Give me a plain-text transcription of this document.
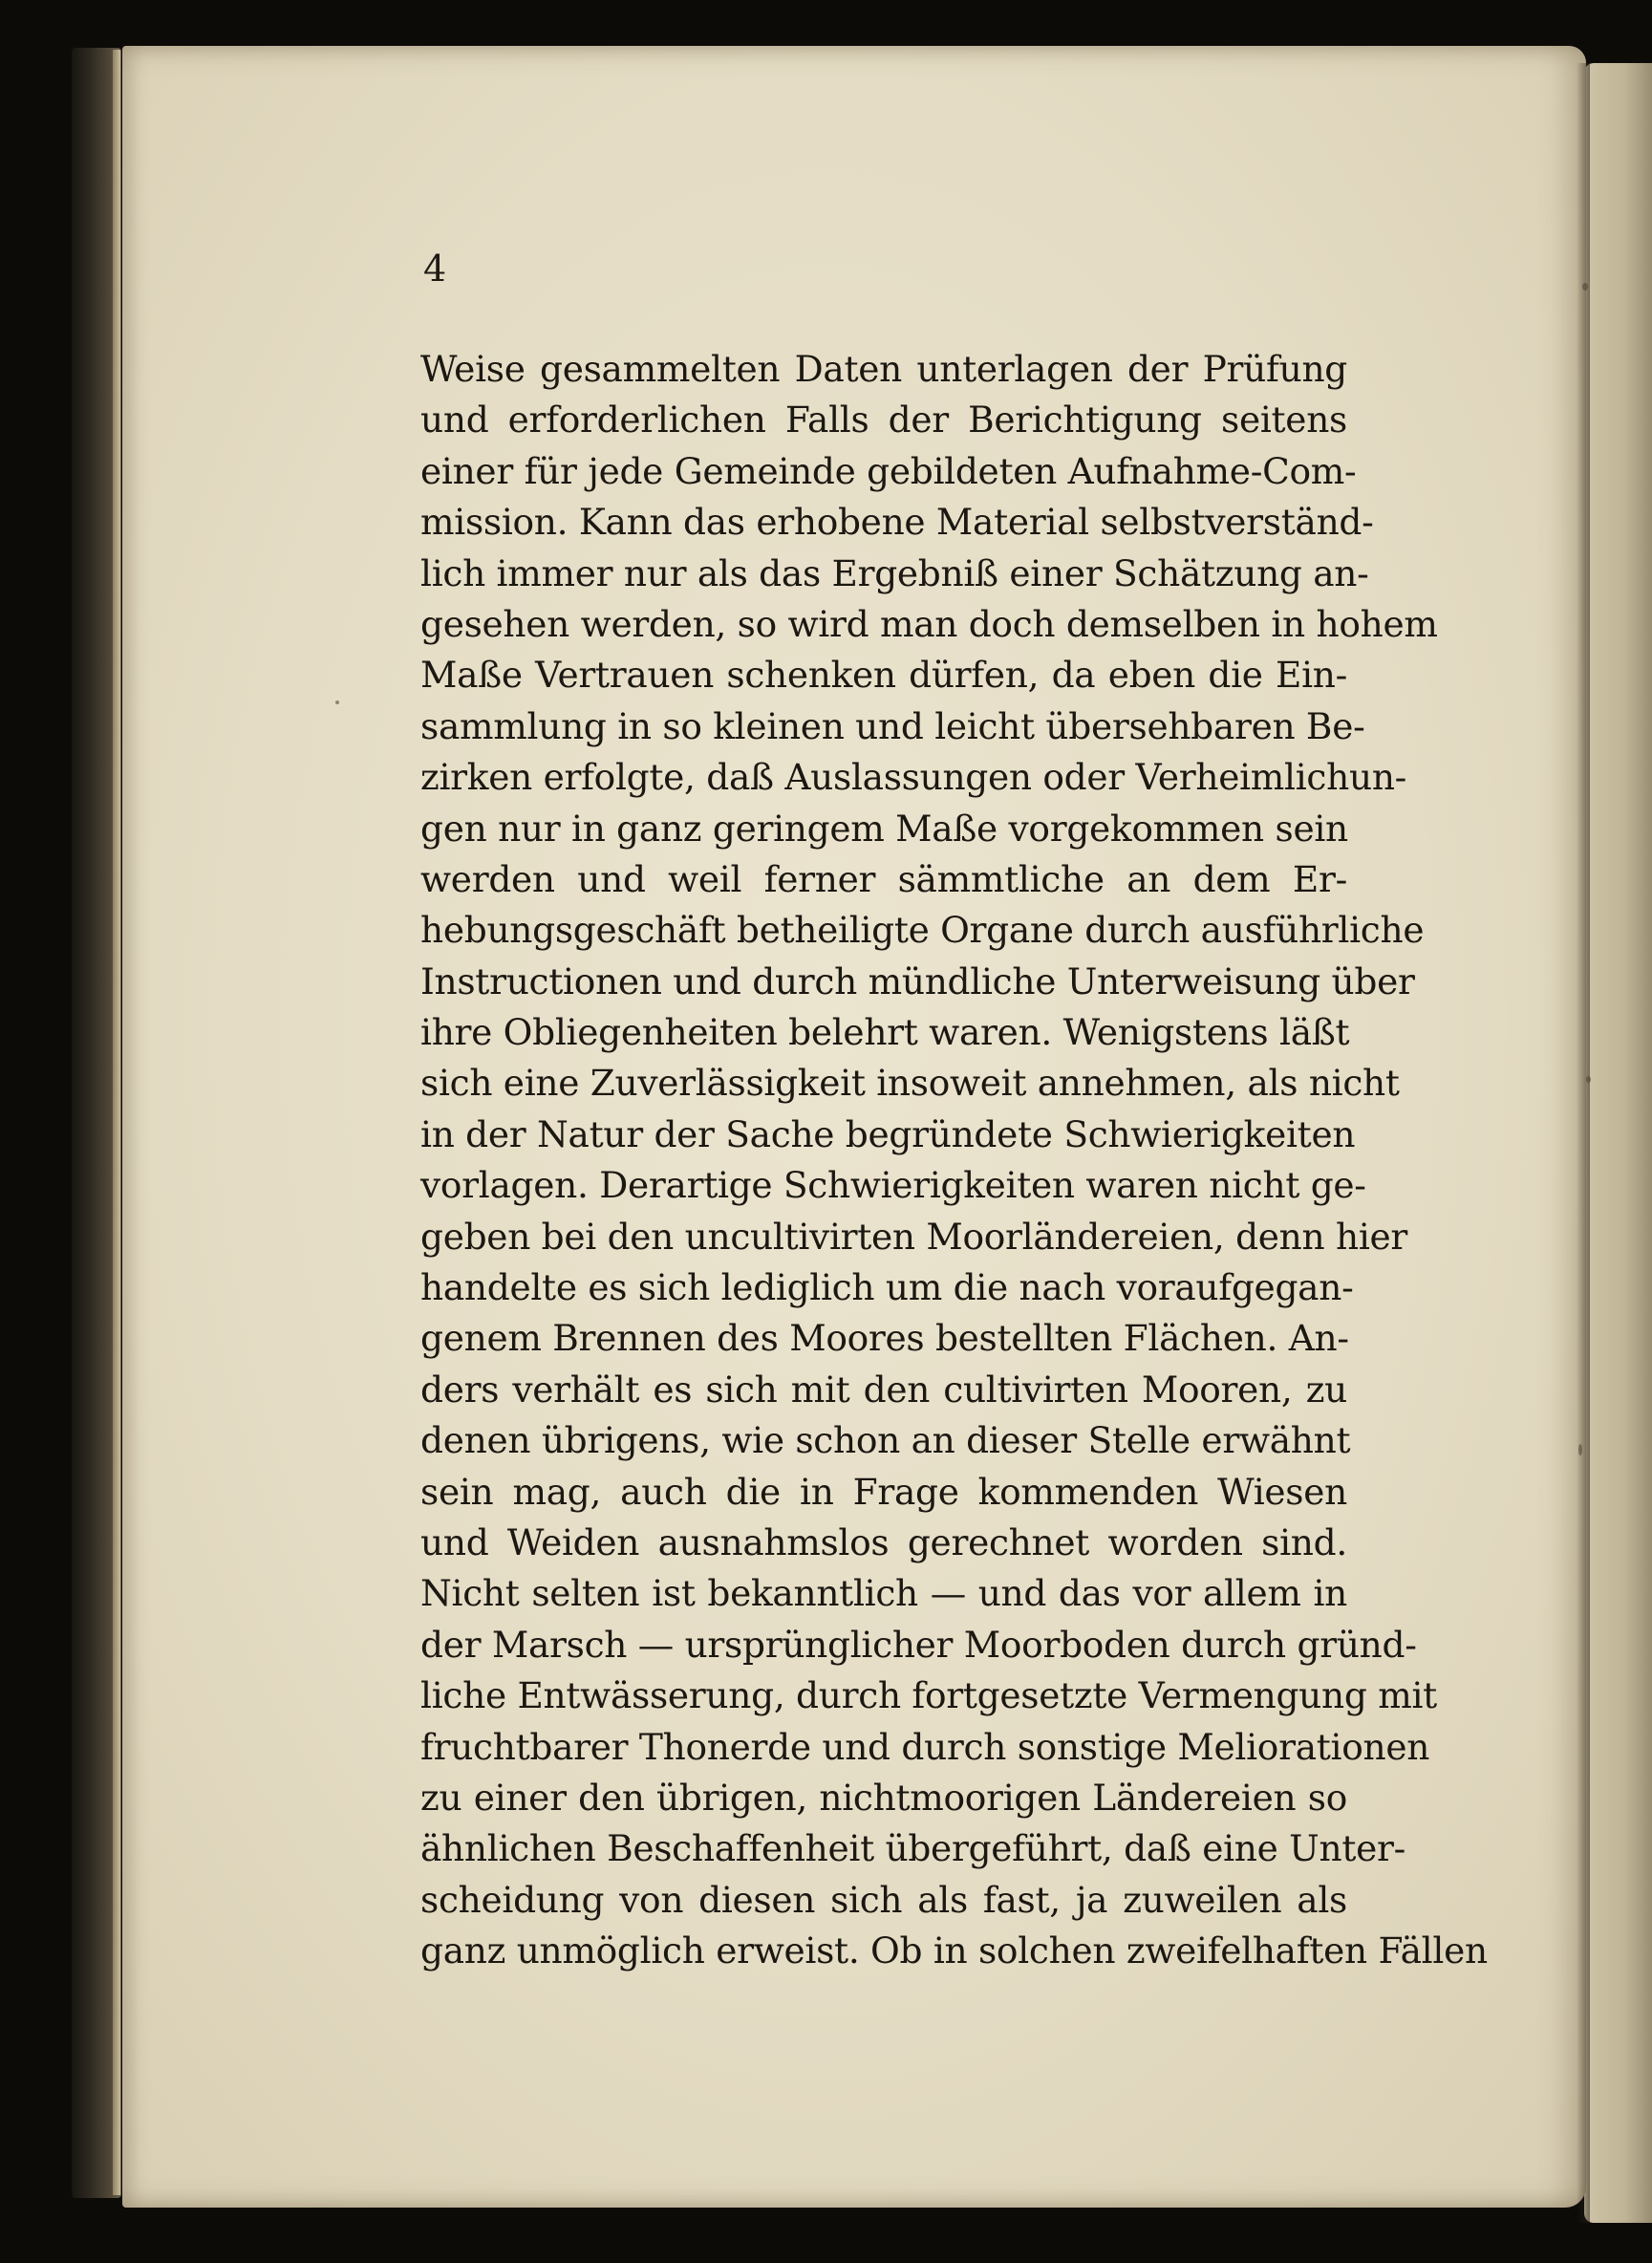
4
Weise gesammelten Daten unterlagen der Prüfung
und erforderlichen Falls der Berichtigung seitens
einer für jede Gemeinde gebildeten Aufnahme-Com-
mission. Kann das erhobene Material selbstverständ-
lich immer nur als das Ergebniß einer Schätzung an-
gesehen werden, so wird man doch demselben in hohem
Maße Vertrauen schenken dürfen, da eben die Ein-
sammlung in so kleinen und leicht übersehbaren Be-
zirken erfolgte, daß Auslassungen oder Verheimlichun-
gen nur in ganz geringem Maße vorgekommen sein
werden und weil ferner sämmtliche an dem Er-
hebungsgeschäft betheiligte Organe durch ausführliche
Instructionen und durch mündliche Unterweisung über
ihre Obliegenheiten belehrt waren. Wenigstens läßt
sich eine Zuverlässigkeit insoweit annehmen, als nicht
in der Natur der Sache begründete Schwierigkeiten
vorlagen. Derartige Schwierigkeiten waren nicht ge-
geben bei den uncultivirten Moorländereien, denn hier
handelte es sich lediglich um die nach voraufgegan-
genem Brennen des Moores bestellten Flächen. An-
ders verhält es sich mit den cultivirten Mooren, zu
denen übrigens, wie schon an dieser Stelle erwähnt
sein mag, auch die in Frage kommenden Wiesen
und Weiden ausnahmslos gerechnet worden sind.
Nicht selten ist bekanntlich — und das vor allem in
der Marsch — ursprünglicher Moorboden durch gründ-
liche Entwässerung, durch fortgesetzte Vermengung mit
fruchtbarer Thonerde und durch sonstige Meliorationen
zu einer den übrigen, nichtmoorigen Ländereien so
ähnlichen Beschaffenheit übergeführt, daß eine Unter-
scheidung von diesen sich als fast, ja zuweilen als
ganz unmöglich erweist. Ob in solchen zweifelhaften Fällen
